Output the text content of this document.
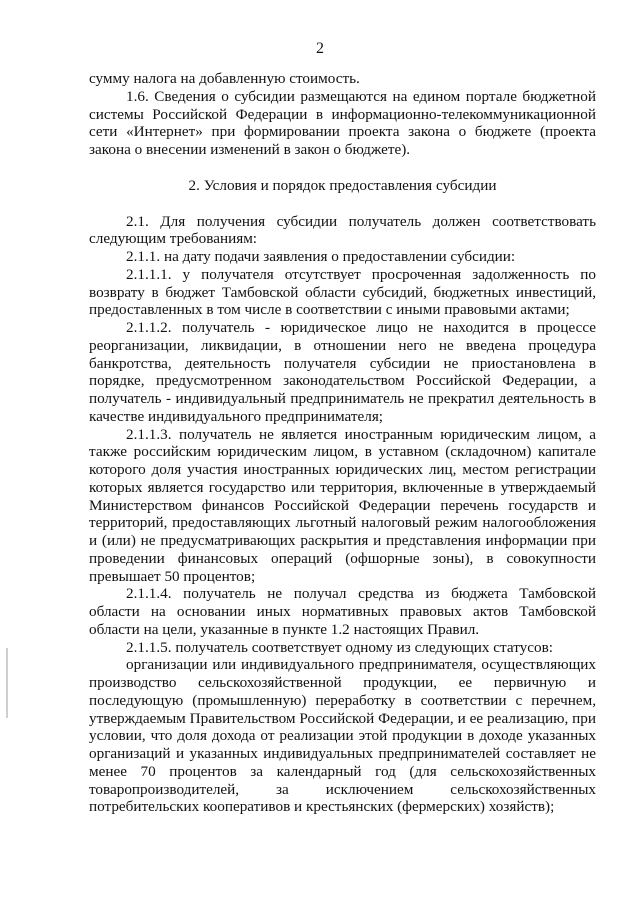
2

сумму налога на добавленную стоимость.

1.6. Сведения о субсидии размещаются на едином портале бюджетной системы Российской Федерации в информационно-телекоммуникационной сети «Интернет» при формировании проекта закона о бюджете (проекта закона о внесении изменений в закон о бюджете).

2. Условия и порядок предоставления субсидии

2.1. Для получения субсидии получатель должен соответствовать следующим требованиям:

2.1.1. на дату подачи заявления о предоставлении субсидии:

2.1.1.1. у получателя отсутствует просроченная задолженность по возврату в бюджет Тамбовской области субсидий, бюджетных инвестиций, предоставленных в том числе в соответствии с иными правовыми актами;

2.1.1.2. получатель - юридическое лицо не находится в процессе реорганизации, ликвидации, в отношении него не введена процедура банкротства, деятельность получателя субсидии не приостановлена в порядке, предусмотренном законодательством Российской Федерации, а получатель - индивидуальный предприниматель не прекратил деятельность в качестве индивидуального предпринимателя;

2.1.1.3. получатель не является иностранным юридическим лицом, а также российским юридическим лицом, в уставном (складочном) капитале которого доля участия иностранных юридических лиц, местом регистрации которых является государство или территория, включенные в утверждаемый Министерством финансов Российской Федерации перечень государств и территорий, предоставляющих льготный налоговый режим налогообложения и (или) не предусматривающих раскрытия и представления информации при проведении финансовых операций (офшорные зоны), в совокупности превышает 50 процентов;

2.1.1.4. получатель не получал средства из бюджета Тамбовской области на основании иных нормативных правовых актов Тамбовской области на цели, указанные в пункте 1.2 настоящих Правил.

2.1.1.5. получатель соответствует одному из следующих статусов:

организации или индивидуального предпринимателя, осуществляющих производство сельскохозяйственной продукции, ее первичную и последующую (промышленную) переработку в соответствии с перечнем, утверждаемым Правительством Российской Федерации, и ее реализацию, при условии, что доля дохода от реализации этой продукции в доходе указанных организаций и указанных индивидуальных предпринимателей составляет не менее 70 процентов за календарный год (для сельскохозяйственных товаропроизводителей, за исключением сельскохозяйственных потребительских кооперативов и крестьянских (фермерских) хозяйств);
